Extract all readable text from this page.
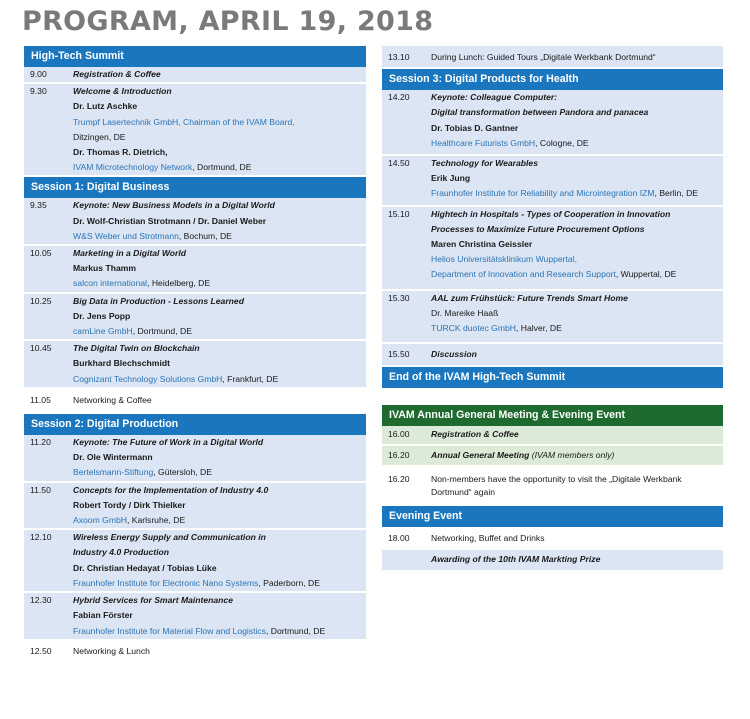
PROGRAM, APRIL 19, 2018
High-Tech Summit
9.00	Registration & Coffee
9.30	Welcome & Introduction
Dr. Lutz Aschke
Trumpf Lasertechnik GmbH, Chairman of the IVAM Board,
Ditzingen, DE
Dr. Thomas R. Dietrich,
IVAM Microtechnology Network, Dortmund, DE
Session 1: Digital Business
9.35	Keynote: New Business Models in a Digital World
Dr. Wolf-Christian Strotmann / Dr. Daniel Weber
W&S Weber und Strotmann, Bochum, DE
10.05	Marketing in a Digital World
Markus Thamm
salcon international, Heidelberg, DE
10.25	Big Data in Production - Lessons Learned
Dr. Jens Popp
camLine GmbH, Dortmund, DE
10.45	The Digital Twin on Blockchain
Burkhard Blechschmidt
Cognizant Technology Solutions GmbH, Frankfurt, DE
11.05	Networking & Coffee
Session 2: Digital Production
11.20	Keynote: The Future of Work in a Digital World
Dr. Ole Wintermann
Bertelsmann-Stiftung, Gütersloh, DE
11.50	Concepts for the Implementation of Industry 4.0
Robert Tordy / Dirk Thielker
Axoom GmbH, Karlsruhe, DE
12.10	Wireless Energy Supply and Communication in
Industry 4.0 Production
Dr. Christian Hedayat / Tobias Lüke
Fraunhofer Institute for Electronic Nano Systems, Paderborn, DE
12.30	Hybrid Services for Smart Maintenance
Fabian Förster
Fraunhofer Institute for Material Flow and Logistics, Dortmund, DE
12.50	Networking & Lunch
13.10	During Lunch: Guided Tours „Digitale Werkbank Dortmund“
Session 3: Digital Products for Health
14.20	Keynote: Colleague Computer:
Digital transformation between Pandora and panacea
Dr. Tobias D. Gantner
Healthcare Futurists GmbH, Cologne, DE
14.50	Technology for Wearables
Erik Jung
Fraunhofer Institute for Reliability and Microintegration IZM, Berlin, DE
15.10	Hightech in Hospitals - Types of Cooperation in Innovation
Processes to Maximize Future Procurement Options
Maren Christina Geissler
Helios Universitätsklinikum Wuppertal,
Department of Innovation and Research Support, Wuppertal, DE
15.30	AAL zum Frühstück: Future Trends Smart Home
Dr. Mareike Haaß
TURCK duotec GmbH, Halver, DE
15.50	Discussion
End of the IVAM High-Tech Summit
IVAM Annual General Meeting & Evening Event
16.00	Registration & Coffee
16.20	Annual General Meeting (IVAM members only)
16.20	Non-members have the opportunity to visit the „Digitale Werkbank
Dortmund“ again
Evening Event
18.00	Networking, Buffet and Drinks
Awarding of the 10th IVAM Markting Prize
